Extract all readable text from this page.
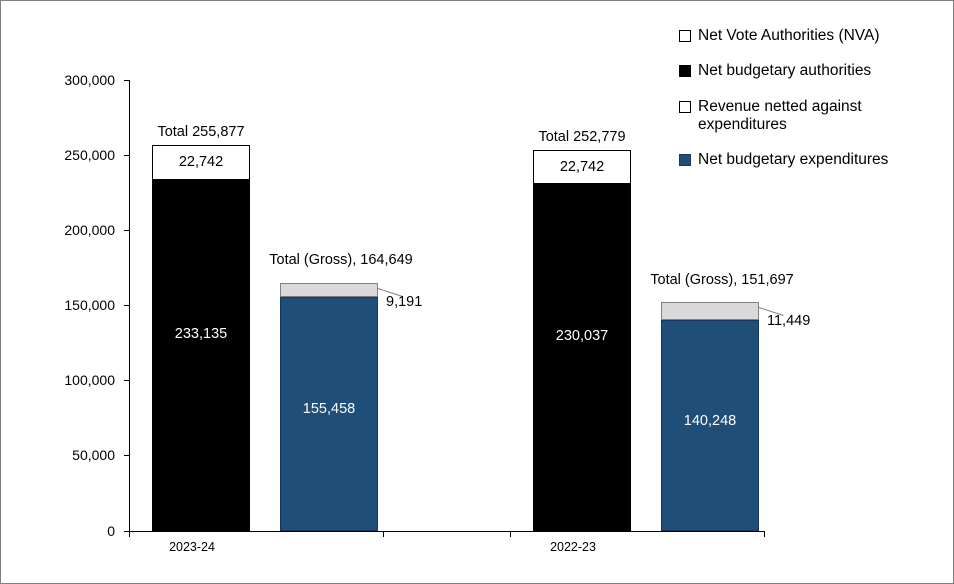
0
50,000
100,000
150,000
200,000
250,000
300,000
2023-24	2022-23
233,135
22,742
Total 255,877
155,458
Total (Gross), 164,649
9,191
230,037
22,742
Total 252,779
140,248
Total (Gross), 151,697
11,449
Net Vote Authorities (NVA)
Net budgetary authorities
Revenue netted against expenditures
Net budgetary expenditures
